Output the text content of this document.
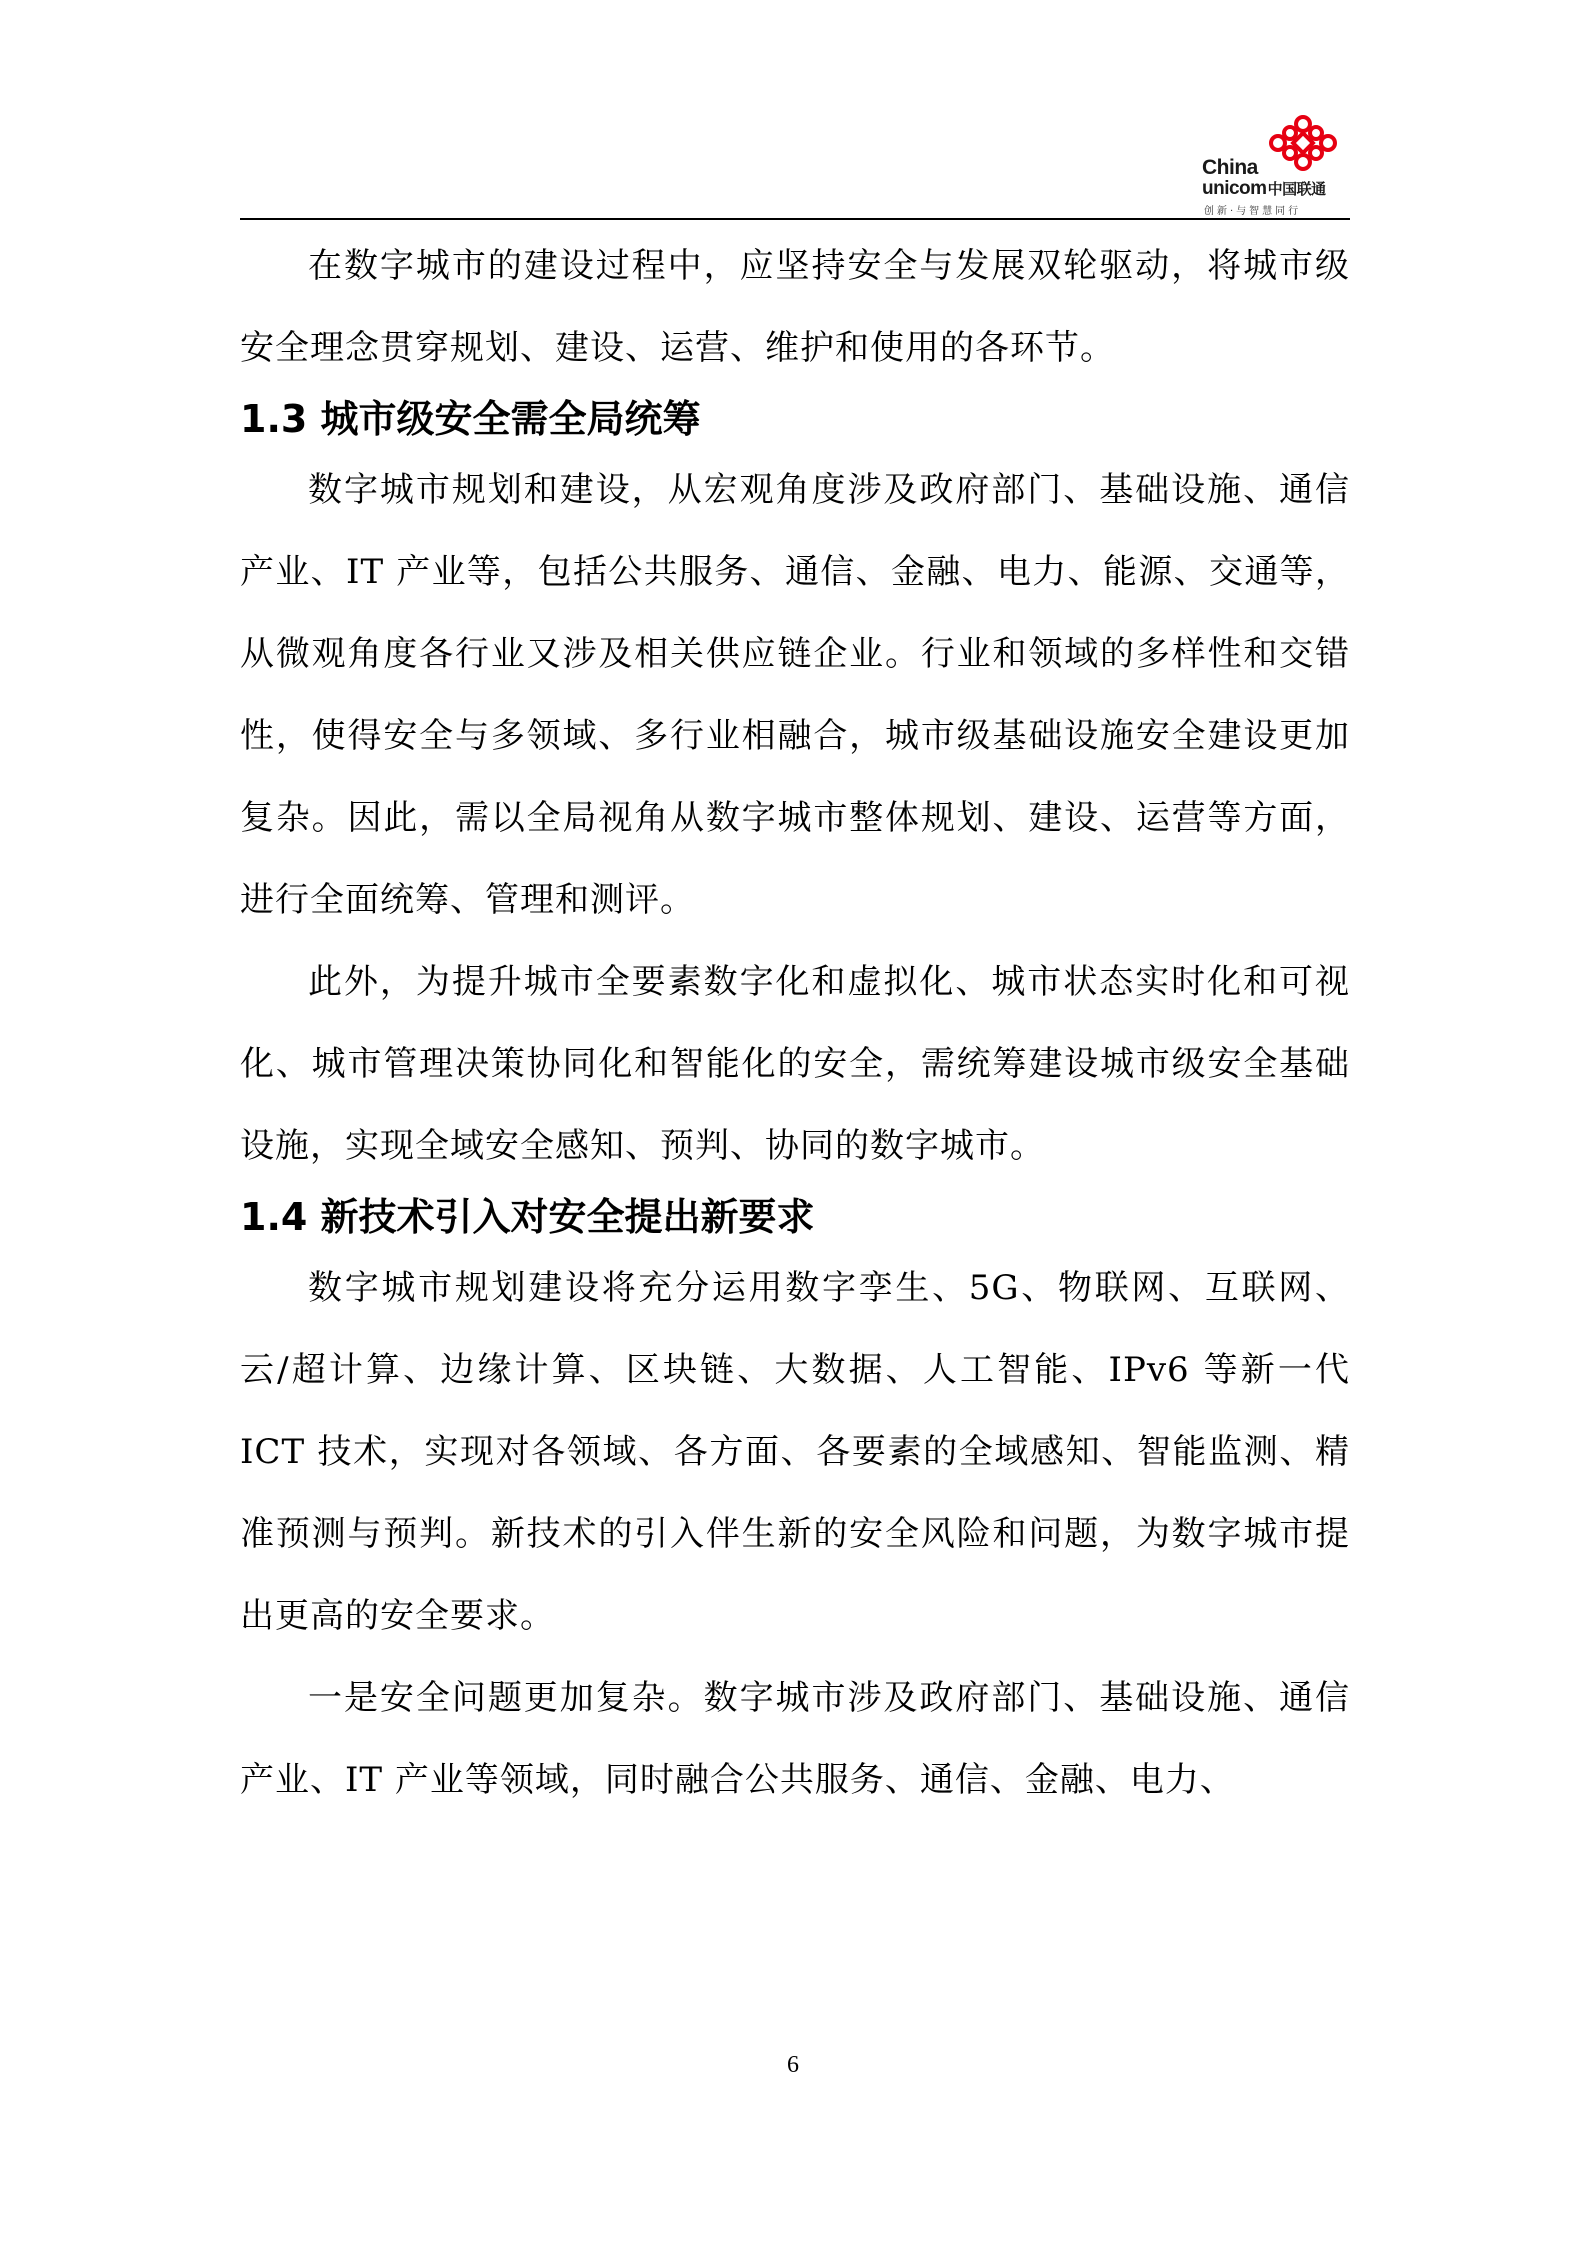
China
unicom中国联通
创新·与智慧同行

在数字城市的建设过程中，应坚持安全与发展双轮驱动，将城市级安全理念贯穿规划、建设、运营、维护和使用的各环节。

1.3 城市级安全需全局统筹

数字城市规划和建设，从宏观角度涉及政府部门、基础设施、通信产业、IT 产业等，包括公共服务、通信、金融、电力、能源、交通等，从微观角度各行业又涉及相关供应链企业。行业和领域的多样性和交错性，使得安全与多领域、多行业相融合，城市级基础设施安全建设更加复杂。因此，需以全局视角从数字城市整体规划、建设、运营等方面，进行全面统筹、管理和测评。

此外，为提升城市全要素数字化和虚拟化、城市状态实时化和可视化、城市管理决策协同化和智能化的安全，需统筹建设城市级安全基础设施，实现全域安全感知、预判、协同的数字城市。

1.4 新技术引入对安全提出新要求

数字城市规划建设将充分运用数字孪生、5G、物联网、互联网、云/超计算、边缘计算、区块链、大数据、人工智能、IPv6 等新一代 ICT 技术，实现对各领域、各方面、各要素的全域感知、智能监测、精准预测与预判。新技术的引入伴生新的安全风险和问题，为数字城市提出更高的安全要求。

一是安全问题更加复杂。数字城市涉及政府部门、基础设施、通信产业、IT 产业等领域，同时融合公共服务、通信、金融、电力、

6
